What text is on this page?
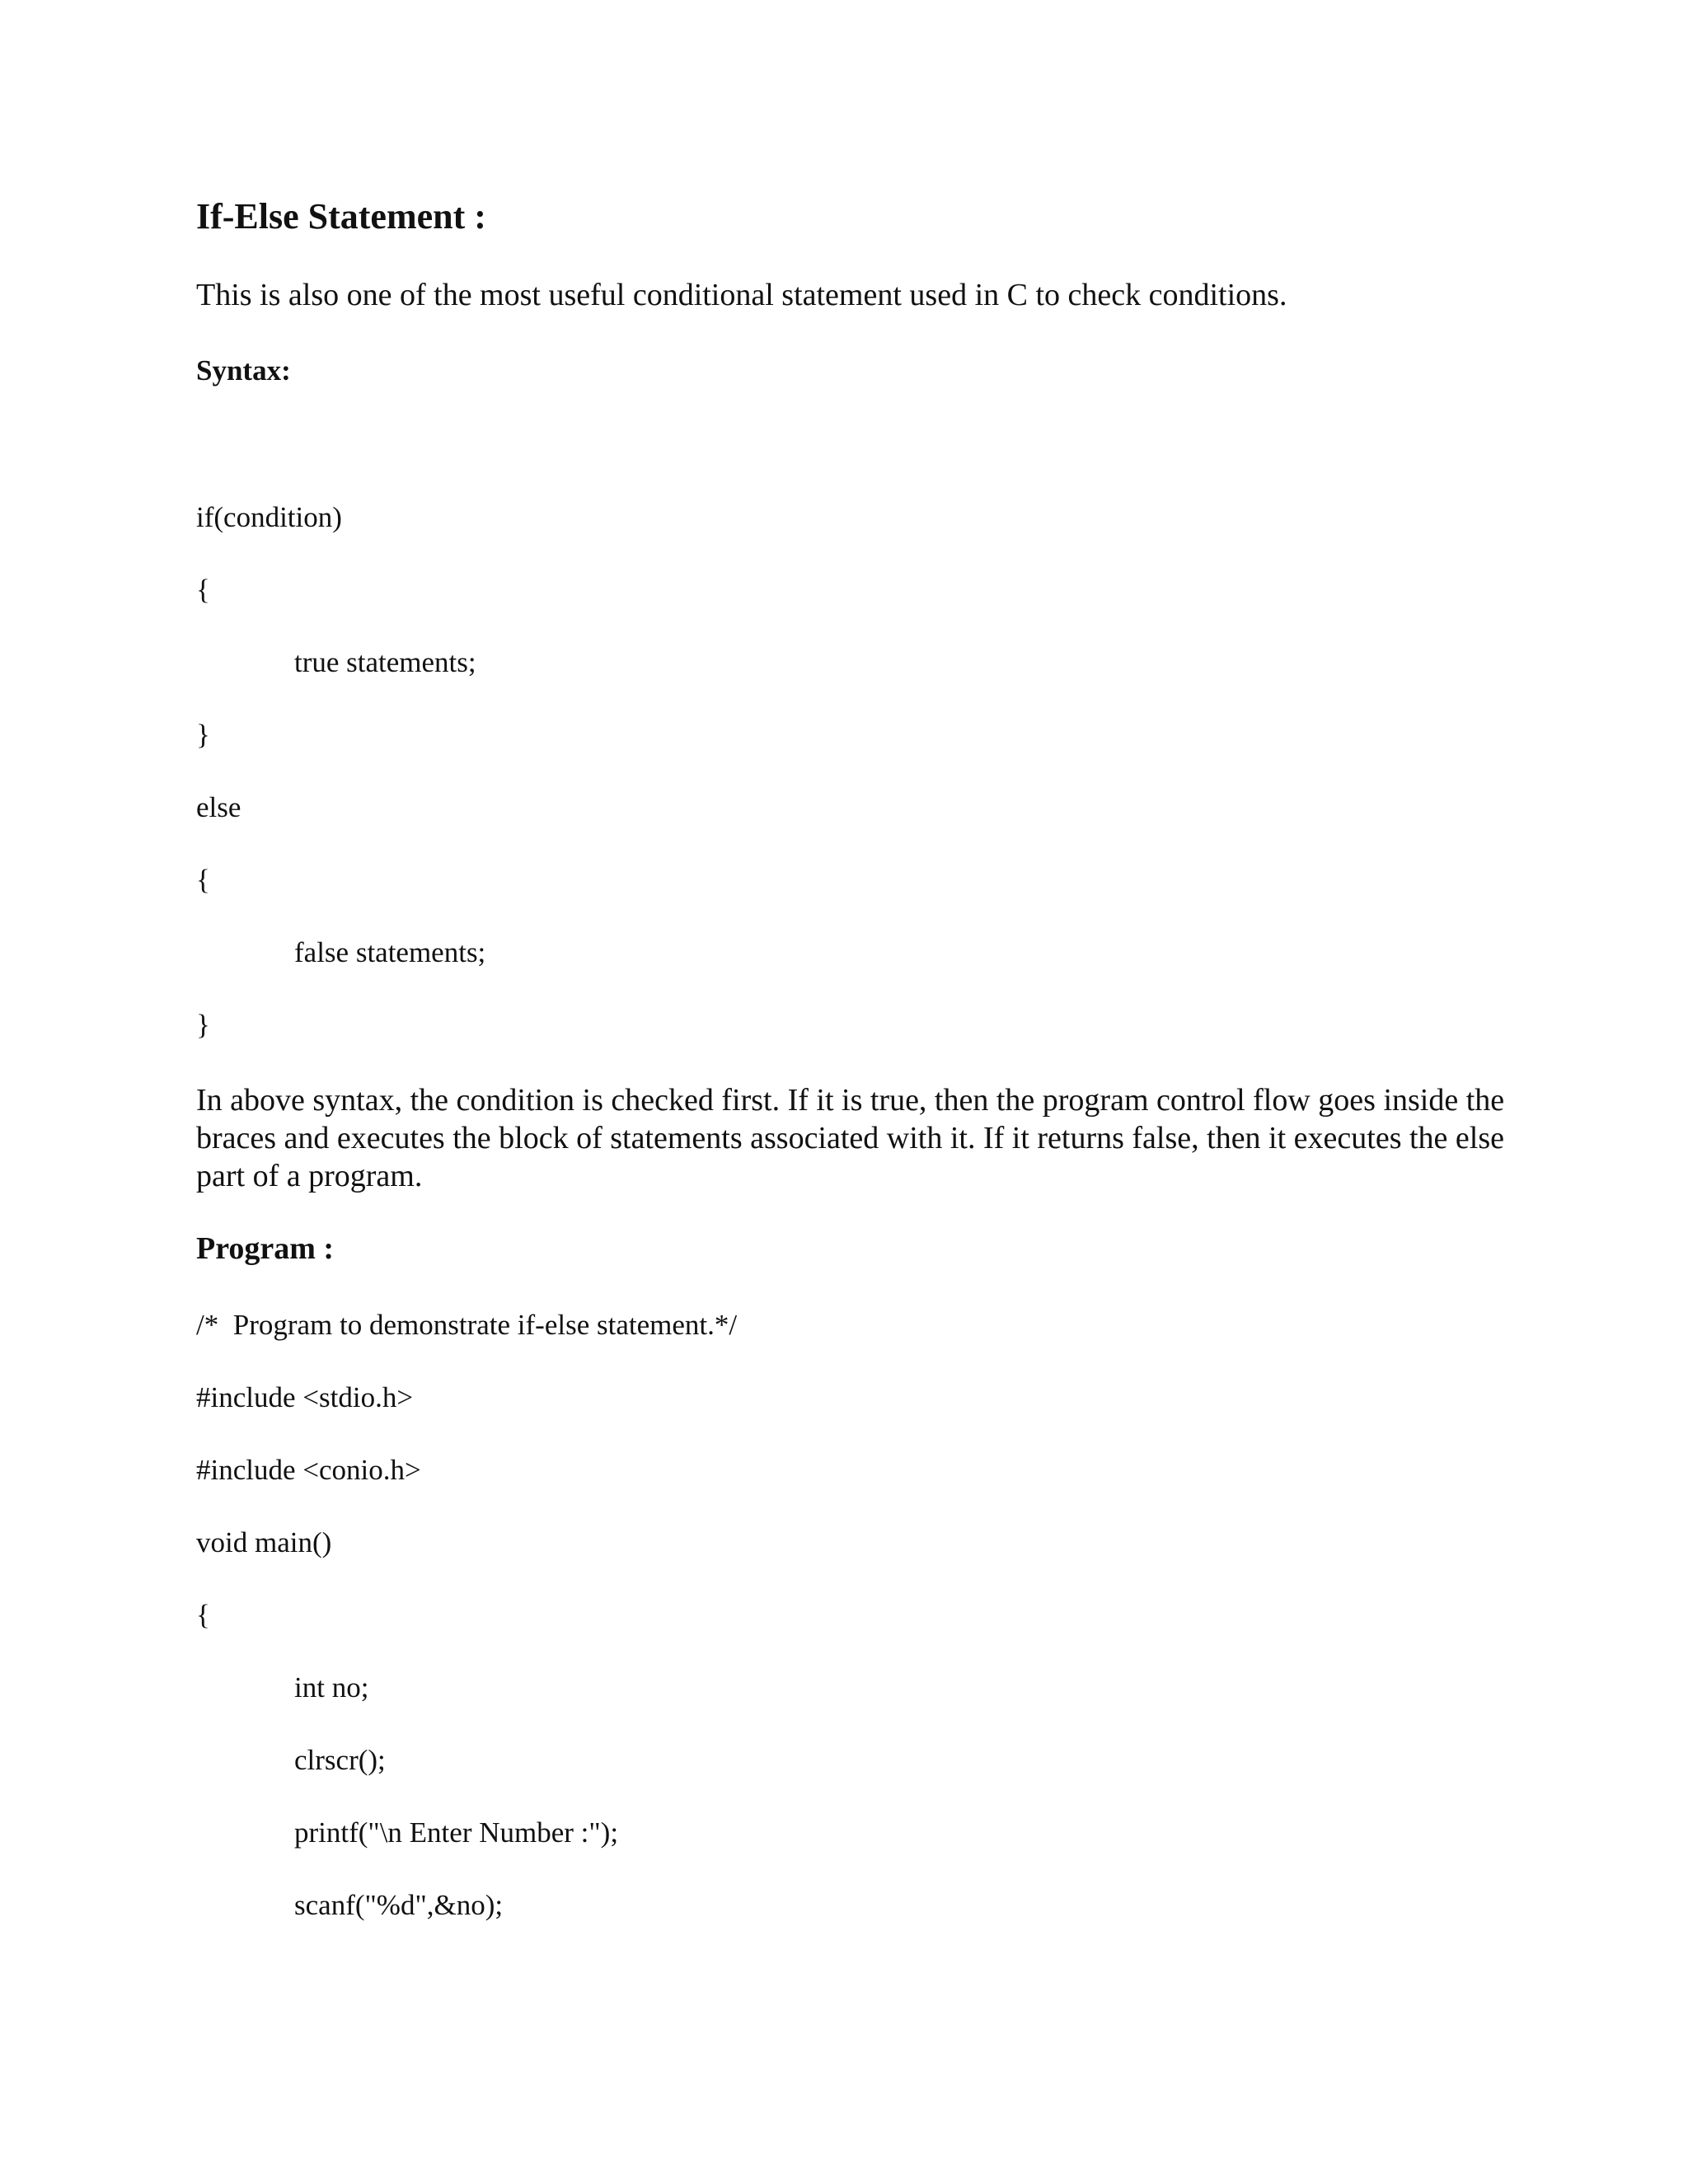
If-Else Statement :
This is also one of the most useful conditional statement used in C to check conditions.
Syntax:
if(condition)
{
true statements;
}
else
{
false statements;
}
In above syntax, the condition is checked first. If it is true, then the program control flow goes inside the braces and executes the block of statements associated with it. If it returns false, then it executes the else part of a program.
Program :
/*  Program to demonstrate if-else statement.*/
#include <stdio.h>
#include <conio.h>
void main()
{
int no;
clrscr();
printf("\n Enter Number :");
scanf("%d",&no);
